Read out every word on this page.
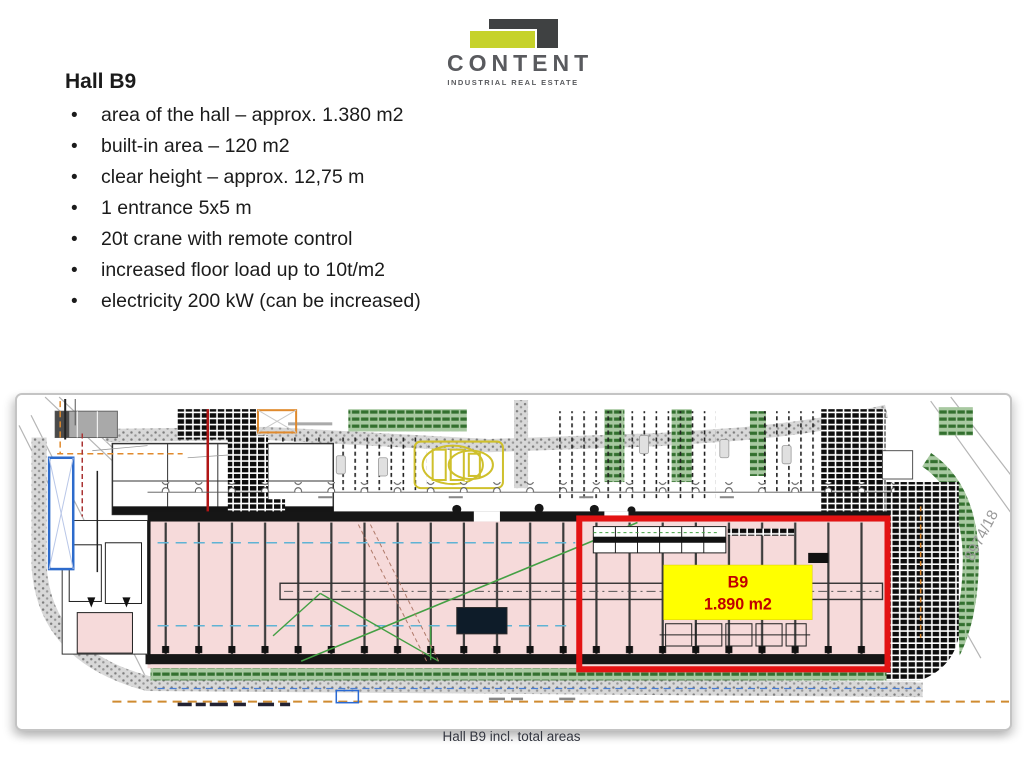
CONTENT
INDUSTRIAL REAL ESTATE
Hall B9
• area of the hall – approx. 1.380 m2
• built-in area – 120 m2
• clear height – approx. 12,75 m
• 1 entrance 5x5 m
• 20t crane with remote control
• increased floor load up to 10t/m2
• electricity 200 kW (can be increased)
B9
1.890 m2
8974/18
Hall B9 incl. total areas
